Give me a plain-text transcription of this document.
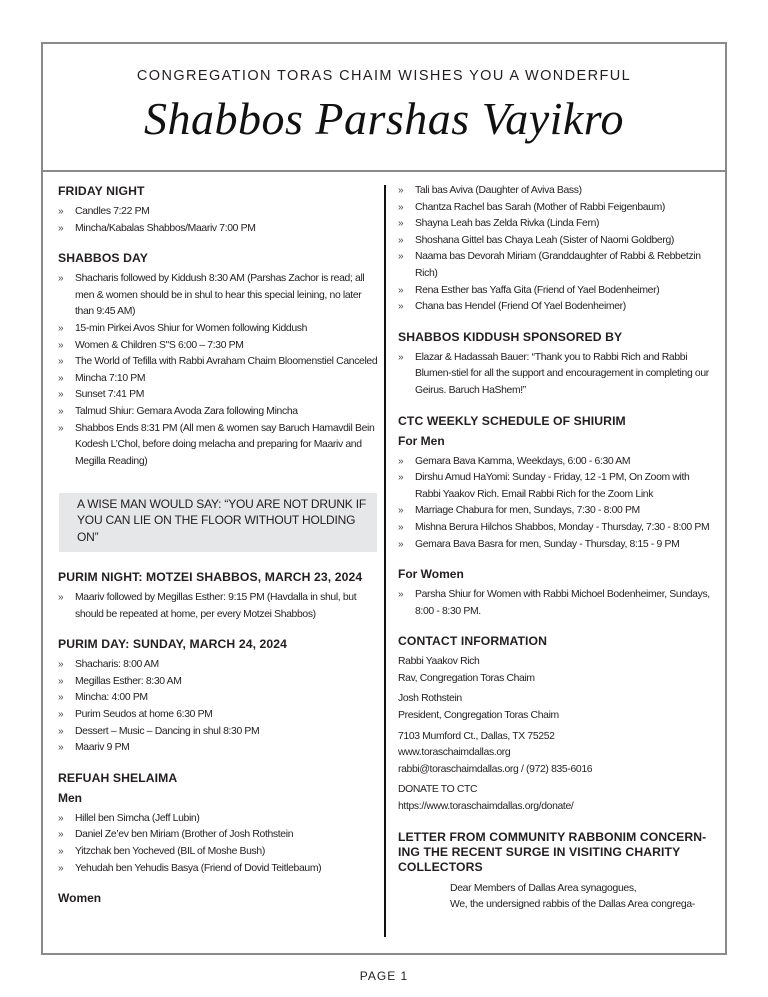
CONGREGATION TORAS CHAIM WISHES YOU A WONDERFUL
Shabbos Parshas Vayikro
FRIDAY NIGHT
» Candles 7:22 PM
» Mincha/Kabalas Shabbos/Maariv 7:00 PM
SHABBOS DAY
» Shacharis followed by Kiddush 8:30 AM (Parshas Zachor is read; all men & women should be in shul to hear this special leining, no later than 9:45 AM)
» 15-min Pirkei Avos Shiur for Women following Kiddush
» Women & Children S"S 6:00 – 7:30 PM
» The World of Tefilla with Rabbi Avraham Chaim Bloomenstiel Canceled
» Mincha 7:10 PM
» Sunset 7:41 PM
» Talmud Shiur: Gemara Avoda Zara following Mincha
» Shabbos Ends 8:31 PM (All men & women say Baruch Hamavdil Bein Kodesh L’Chol, before doing melacha and preparing for Maariv and Megilla Reading)
A WISE MAN WOULD SAY: “YOU ARE NOT DRUNK IF YOU CAN LIE ON THE FLOOR WITHOUT HOLDING ON”
PURIM NIGHT: MOTZEI SHABBOS, MARCH 23, 2024
» Maariv followed by Megillas Esther: 9:15 PM (Havdalla in shul, but should be repeated at home, per every Motzei Shabbos)
PURIM DAY: SUNDAY, MARCH 24, 2024
» Shacharis: 8:00 AM
» Megillas Esther: 8:30 AM
» Mincha: 4:00 PM
» Purim Seudos at home 6:30 PM
» Dessert – Music – Dancing in shul 8:30 PM
» Maariv 9 PM
REFUAH SHELAIMA
Men
» Hillel ben Simcha (Jeff Lubin)
» Daniel Ze’ev ben Miriam (Brother of Josh Rothstein
» Yitzchak ben Yocheved (BIL of Moshe Bush)
» Yehudah ben Yehudis Basya (Friend of Dovid Teitlebaum)
Women
» Tali bas Aviva (Daughter of Aviva Bass)
» Chantza Rachel bas Sarah (Mother of Rabbi Feigenbaum)
» Shayna Leah bas Zelda Rivka (Linda Fern)
» Shoshana Gittel bas Chaya Leah (Sister of Naomi Goldberg)
» Naama bas Devorah Miriam (Granddaughter of Rabbi & Rebbetzin Rich)
» Rena Esther bas Yaffa Gita (Friend of Yael Bodenheimer)
» Chana bas Hendel (Friend Of Yael Bodenheimer)
SHABBOS KIDDUSH SPONSORED BY
» Elazar & Hadassah Bauer: “Thank you to Rabbi Rich and Rabbi Blumen-stiel for all the support and encouragement in completing our Geirus. Baruch HaShem!”
CTC WEEKLY SCHEDULE OF SHIURIM
For Men
» Gemara Bava Kamma, Weekdays, 6:00 - 6:30 AM
» Dirshu Amud HaYomi: Sunday - Friday, 12 -1 PM, On Zoom with Rabbi Yaakov Rich. Email Rabbi Rich for the Zoom Link
» Marriage Chabura for men, Sundays, 7:30 - 8:00 PM
» Mishna Berura Hilchos Shabbos, Monday - Thursday, 7:30 - 8:00 PM
» Gemara Bava Basra for men, Sunday - Thursday, 8:15 - 9 PM
For Women
» Parsha Shiur for Women with Rabbi Michoel Bodenheimer, Sundays, 8:00 - 8:30 PM.
CONTACT INFORMATION
Rabbi Yaakov Rich
Rav, Congregation Toras Chaim
Josh Rothstein
President, Congregation Toras Chaim
7103 Mumford Ct., Dallas, TX 75252
www.toraschaimdallas.org
rabbi@toraschaimdallas.org / (972) 835-6016
DONATE TO CTC
https://www.toraschaimdallas.org/donate/
LETTER FROM COMMUNITY RABBONIM CONCERN-ING THE RECENT SURGE IN VISITING CHARITY COLLECTORS
Dear Members of Dallas Area synagogues,
We, the undersigned rabbis of the Dallas Area congrega-
PAGE 1
